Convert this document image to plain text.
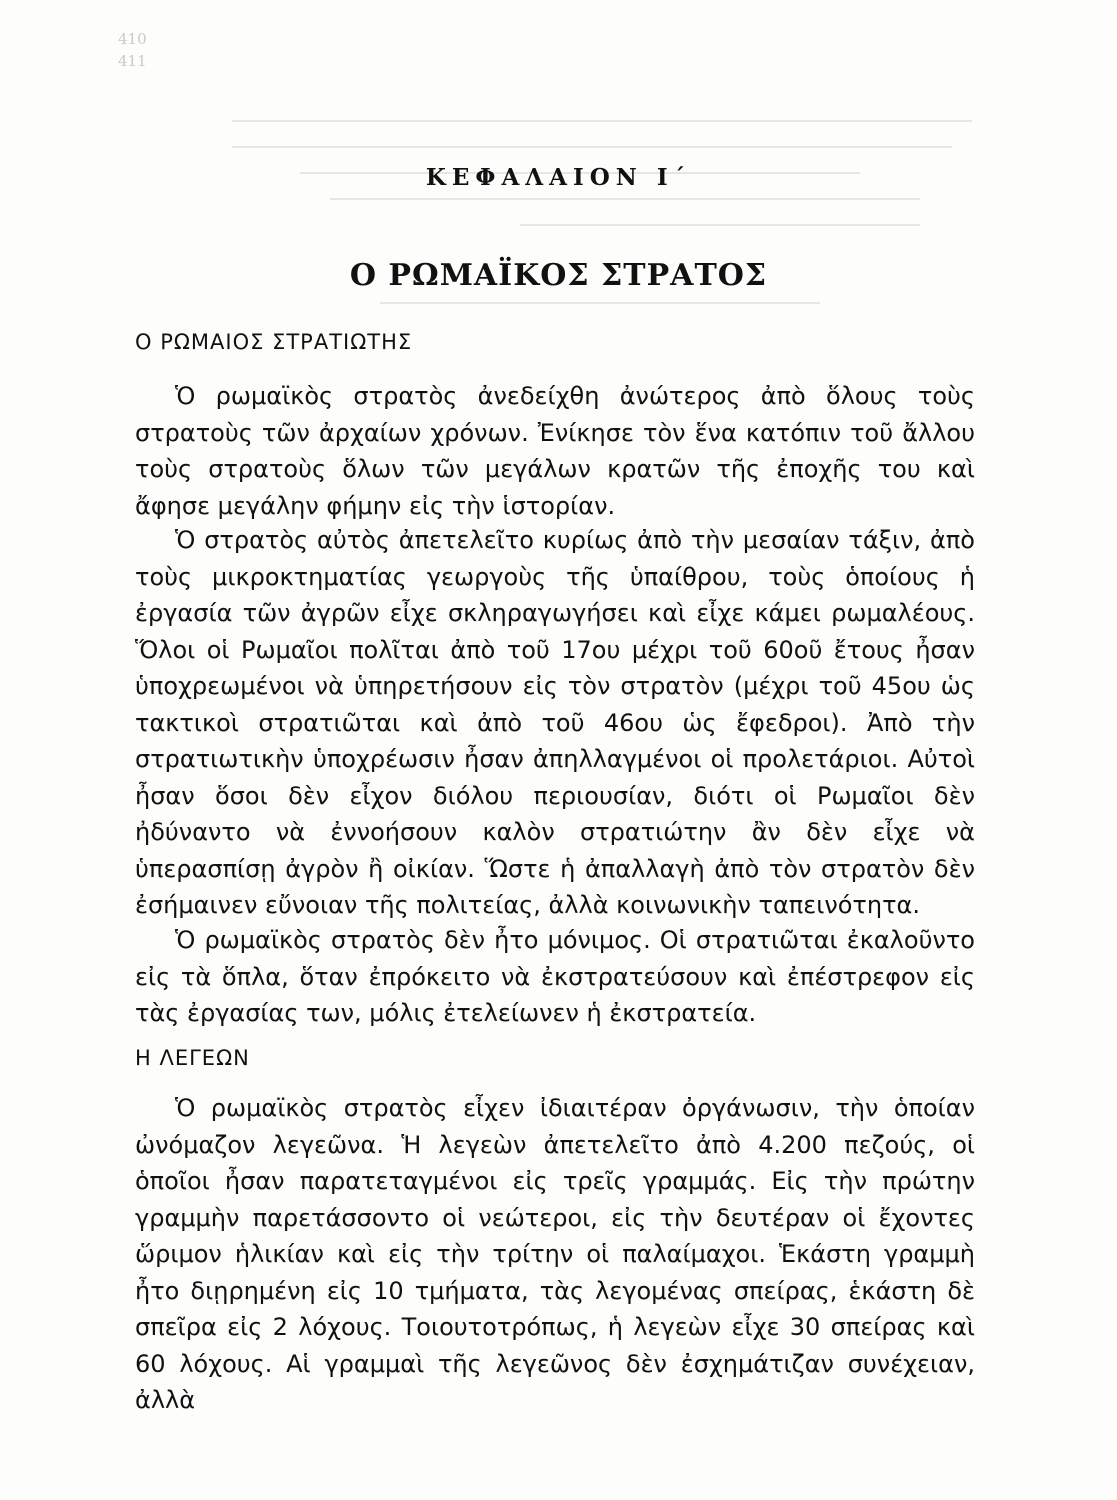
410
411
ΚΕΦΑΛΑΙΟΝ Ι΄
Ο ΡΩΜΑΪΚΟΣ ΣΤΡΑΤΟΣ
Ο ΡΩΜΑΙΟΣ ΣΤΡΑΤΙΩΤΗΣ

Ὁ ρωμαϊκὸς στρατὸς ἀνεδείχθη ἀνώτερος ἀπὸ ὅλους τοὺς στρατοὺς τῶν ἀρχαίων χρόνων. Ἐνίκησε τὸν ἕνα κατόπιν τοῦ ἄλλου τοὺς στρατοὺς ὅλων τῶν μεγάλων κρατῶν τῆς ἐποχῆς του καὶ ἄφησε μεγάλην φήμην εἰς τὴν ἱστορίαν.

Ὁ στρατὸς αὐτὸς ἀπετελεῖτο κυρίως ἀπὸ τὴν μεσαίαν τάξιν, ἀπὸ τοὺς μικροκτηματίας γεωργοὺς τῆς ὑπαίθρου, τοὺς ὁποίους ἡ ἐργασία τῶν ἀγρῶν εἶχε σκληραγωγήσει καὶ εἶχε κάμει ρωμαλέους. Ὅλοι οἱ Ρωμαῖοι πολῖται ἀπὸ τοῦ 17ου μέχρι τοῦ 60οῦ ἔτους ἦσαν ὑποχρεωμένοι νὰ ὑπηρετήσουν εἰς τὸν στρατὸν (μέχρι τοῦ 45ου ὡς τακτικοὶ στρατιῶται καὶ ἀπὸ τοῦ 46ου ὡς ἔφεδροι). Ἀπὸ τὴν στρατιωτικὴν ὑποχρέωσιν ἦσαν ἀπηλλαγμένοι οἱ προλετάριοι. Αὐτοὶ ἦσαν ὅσοι δὲν εἶχον διόλου περιουσίαν, διότι οἱ Ρωμαῖοι δὲν ἠδύναντο νὰ ἐννοήσουν καλὸν στρατιώτην ἂν δὲν εἶχε νὰ ὑπερασπίσῃ ἀγρὸν ἢ οἰκίαν. Ὥστε ἡ ἀπαλλαγὴ ἀπὸ τὸν στρατὸν δὲν ἐσήμαινεν εὔνοιαν τῆς πολιτείας, ἀλλὰ κοινωνικὴν ταπεινότητα.

Ὁ ρωμαϊκὸς στρατὸς δὲν ἦτο μόνιμος. Οἱ στρατιῶται ἐκαλοῦντο εἰς τὰ ὅπλα, ὅταν ἐπρόκειτο νὰ ἐκστρατεύσουν καὶ ἐπέστρεφον εἰς τὰς ἐργασίας των, μόλις ἐτελείωνεν ἡ ἐκστρατεία.

Η ΛΕΓΕΩΝ

Ὁ ρωμαϊκὸς στρατὸς εἶχεν ἰδιαιτέραν ὀργάνωσιν, τὴν ὁποίαν ὠνόμαζον λεγεῶνα. Ἡ λεγεὼν ἀπετελεῖτο ἀπὸ 4.200 πεζούς, οἱ ὁποῖοι ἦσαν παρατεταγμένοι εἰς τρεῖς γραμμάς. Εἰς τὴν πρώτην γραμμὴν παρετάσσοντο οἱ νεώτεροι, εἰς τὴν δευτέραν οἱ ἔχοντες ὥριμον ἡλικίαν καὶ εἰς τὴν τρίτην οἱ παλαίμαχοι. Ἑκάστη γραμμὴ ἦτο διῃρημένη εἰς 10 τμήματα, τὰς λεγομένας σπείρας, ἑκάστη δὲ σπεῖρα εἰς 2 λόχους. Τοιουτοτρόπως, ἡ λεγεὼν εἶχε 30 σπείρας καὶ 60 λόχους. Αἱ γραμμαὶ τῆς λεγεῶνος δὲν ἐσχημάτιζαν συνέχειαν, ἀλλὰ
